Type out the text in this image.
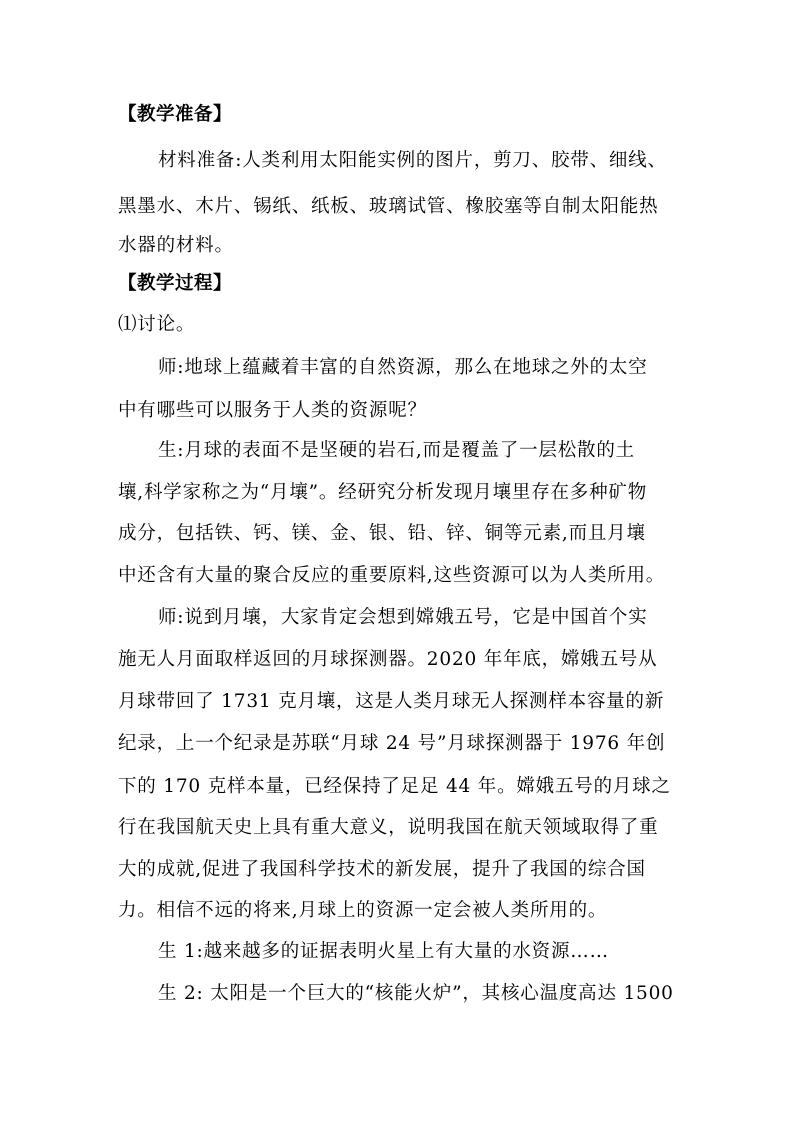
【教学准备】
材料准备:人类利用太阳能实例的图片，剪刀、胶带、细线、
黑墨水、木片、锡纸、纸板、玻璃试管、橡胶塞等自制太阳能热
水器的材料。
【教学过程】
⑴讨论。
师:地球上蕴藏着丰富的自然资源，那么在地球之外的太空
中有哪些可以服务于人类的资源呢？
生:月球的表面不是坚硬的岩石,而是覆盖了一层松散的土
壤,科学家称之为“月壤”。经研究分析发现月壤里存在多种矿物
成分，包括铁、钙、镁、金、银、铅、锌、铜等元素,而且月壤
中还含有大量的聚合反应的重要原料,这些资源可以为人类所用。
师:说到月壤，大家肯定会想到嫦娥五号，它是中国首个实
施无人月面取样返回的月球探测器。2020 年年底，嫦娥五号从
月球带回了 1731 克月壤，这是人类月球无人探测样本容量的新
纪录，上一个纪录是苏联“月球 24 号”月球探测器于 1976 年创
下的 170 克样本量，已经保持了足足 44 年。嫦娥五号的月球之
行在我国航天史上具有重大意义，说明我国在航天领域取得了重
大的成就,促进了我国科学技术的新发展，提升了我国的综合国
力。相信不远的将来,月球上的资源一定会被人类所用的。
生 1:越来越多的证据表明火星上有大量的水资源……
生 2: 太阳是一个巨大的“核能火炉”，其核心温度高达 1500
